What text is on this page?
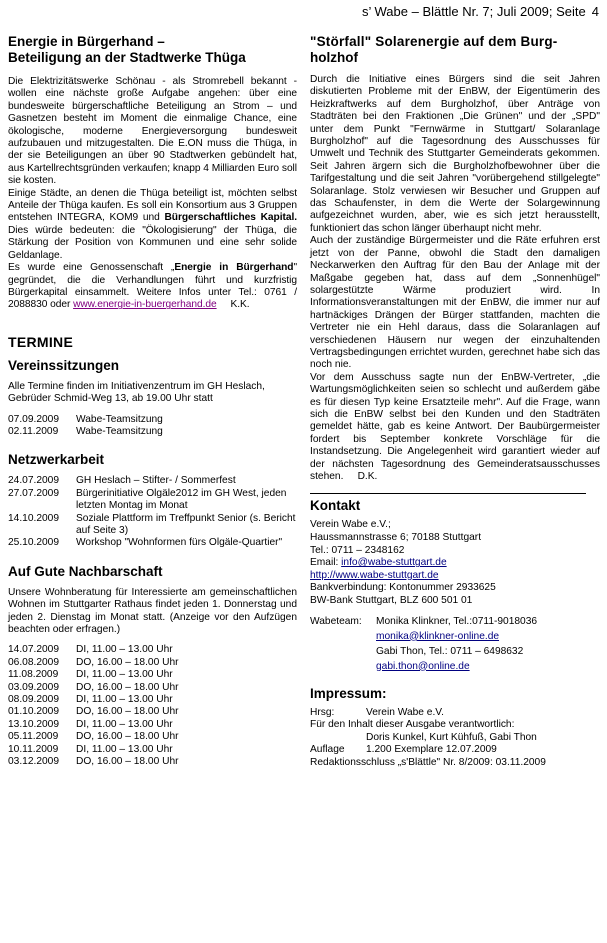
s’ Wabe – Blättle Nr. 7; Juli 2009; Seite 4
Energie in Bürgerhand –
Beteiligung an der Stadtwerke Thüga

Die Elektrizitätswerke Schönau - als Stromrebell bekannt - wollen eine nächste große Aufgabe angehen: über eine bundesweite bürgerschaftliche Beteiligung an Strom – und Gasnetzen besteht im Moment die einmalige Chance, eine ökologische, moderne Energieversorgung bundesweit aufzubauen und mitzugestalten. Die E.ON muss die Thüga, in der sie Beteiligungen an über 90 Stadtwerken gebündelt hat, aus Kartellrechtsgründen verkaufen; knapp 4 Milliarden Euro soll sie kosten.

Einige Städte, an denen die Thüga beteiligt ist, möchten selbst Anteile der Thüga kaufen. Es soll ein Konsortium aus 3 Gruppen entstehen INTEGRA, KOM9 und Bürgerschaftliches Kapital. Dies würde bedeuten: die "Ökologisierung" der Thüga, die Stärkung der Position von Kommunen und eine sehr solide Geldanlage.

Es wurde eine Genossenschaft „Energie in Bürgerhand" gegründet, die die Verhandlungen führt und kurzfristig Bürgerkapital einsammelt. Weitere Infos unter Tel.: 0761 / 2088830 oder www.energie-in-buergerhand.de K.K.

TERMINE
Vereinssitzungen

Alle Termine finden im Initiativenzentrum im GH Heslach, Gebrüder Schmid-Weg 13, ab 19.00 Uhr statt

07.09.2009	Wabe-Teamsitzung
02.11.2009	Wabe-Teamsitzung
Netzwerkarbeit
24.07.2009	GH Heslach – Stifter- / Sommerfest
27.07.2009	Bürgerinitiative Olgäle2012 im GH West, jeden letzten Montag im Monat
14.10.2009	Soziale Plattform im Treffpunkt Senior (s. Bericht auf Seite 3)
25.10.2009	Workshop "Wohnformen fürs Olgäle-Quartier"
Auf Gute Nachbarschaft

Unsere Wohnberatung für Interessierte am gemeinschaftlichen Wohnen im Stuttgarter Rathaus findet jeden 1. Donnerstag und jeden 2. Dienstag im Monat statt. (Anzeige vor den Aufzügen beachten oder erfragen.)

14.07.2009	DI, 11.00 – 13.00 Uhr
06.08.2009	DO, 16.00 – 18.00 Uhr
11.08.2009	DI, 11.00 – 13.00 Uhr
03.09.2009	DO, 16.00 – 18.00 Uhr
08.09.2009	DI, 11.00 – 13.00 Uhr
01.10.2009	DO, 16.00 – 18.00 Uhr
13.10.2009	DI, 11.00 – 13.00 Uhr
05.11.2009	DO, 16.00 – 18.00 Uhr
10.11.2009	DI, 11.00 – 13.00 Uhr
03.12.2009	DO, 16.00 – 18.00 Uhr
"Störfall" Solarenergie auf dem Burg-
holzhof

Durch die Initiative eines Bürgers sind die seit Jahren diskutierten Probleme mit der EnBW, der Eigentümerin des Heizkraftwerks auf dem Burgholzhof, über Anträge von Stadträten bei den Fraktionen „Die Grünen" und der „SPD" unter dem Punkt "Fernwärme in Stuttgart/ Solaranlage Burgholzhof" auf die Tagesordnung des Ausschusses für Umwelt und Technik des Stuttgarter Gemeinderats gekommen. Seit Jahren ärgern sich die Burgholzhofbewohner über die Tarifgestaltung und die seit Jahren "vorübergehend stillgelegte" Solaranlage. Stolz verwiesen wir Besucher und Gruppen auf das Schaufenster, in dem die Werte der Solargewinnung aufgezeichnet wurden, aber, wie es sich jetzt herausstellt, funktioniert das schon länger überhaupt nicht mehr.

Auch der zuständige Bürgermeister und die Räte erfuhren erst jetzt von der Panne, obwohl die Stadt den damaligen Neckarwerken den Auftrag für den Bau der Anlage mit der Maßgabe gegeben hat, dass auf dem „Sonnenhügel" solargestützte Wärme produziert wird. In Informationsveranstaltungen mit der EnBW, die immer nur auf hartnäckiges Drängen der Bürger stattfanden, machten die Vertreter nie ein Hehl daraus, dass die Solaranlagen auf verschiedenen Häusern nur wegen der einzuhaltenden Vertragsbedingungen errichtet wurden, gerechnet habe sich das noch nie.

Vor dem Ausschuss sagte nun der EnBW-Vertreter, „die Wartungsmöglichkeiten seien so schlecht und außerdem gäbe es für diesen Typ keine Ersatzteile mehr". Auf die Frage, wann sich die EnBW selbst bei den Kunden und den Stadträten gemeldet hätte, gab es keine Antwort. Der Baubürgermeister fordert bis September konkrete Vorschläge für die Instandsetzung. Die Angelegenheit wird garantiert wieder auf der nächsten Tagesordnung des Gemeinderatsausschusses stehen. D.K.

Kontakt
Verein Wabe e.V.;
Haussmannstrasse 6; 70188 Stuttgart
Tel.: 0711 – 2348162
Email: info@wabe-stuttgart.de
http://www.wabe-stuttgart.de
Bankverbindung: Kontonummer 2933625
BW-Bank Stuttgart, BLZ 600 501 01
Wabeteam:	Monika Klinkner, Tel.:0711-9018036
monika@klinkner-online.de
Gabi Thon, Tel.: 0711 – 6498632
gabi.thon@online.de
Impressum:
Hrsg:	Verein Wabe e.V.
Für den Inhalt dieser Ausgabe verantwortlich:
Doris Kunkel, Kurt Kühfuß, Gabi Thon
Auflage	1.200 Exemplare 12.07.2009
Redaktionsschluss „s'Blättle" Nr. 8/2009: 03.11.2009
